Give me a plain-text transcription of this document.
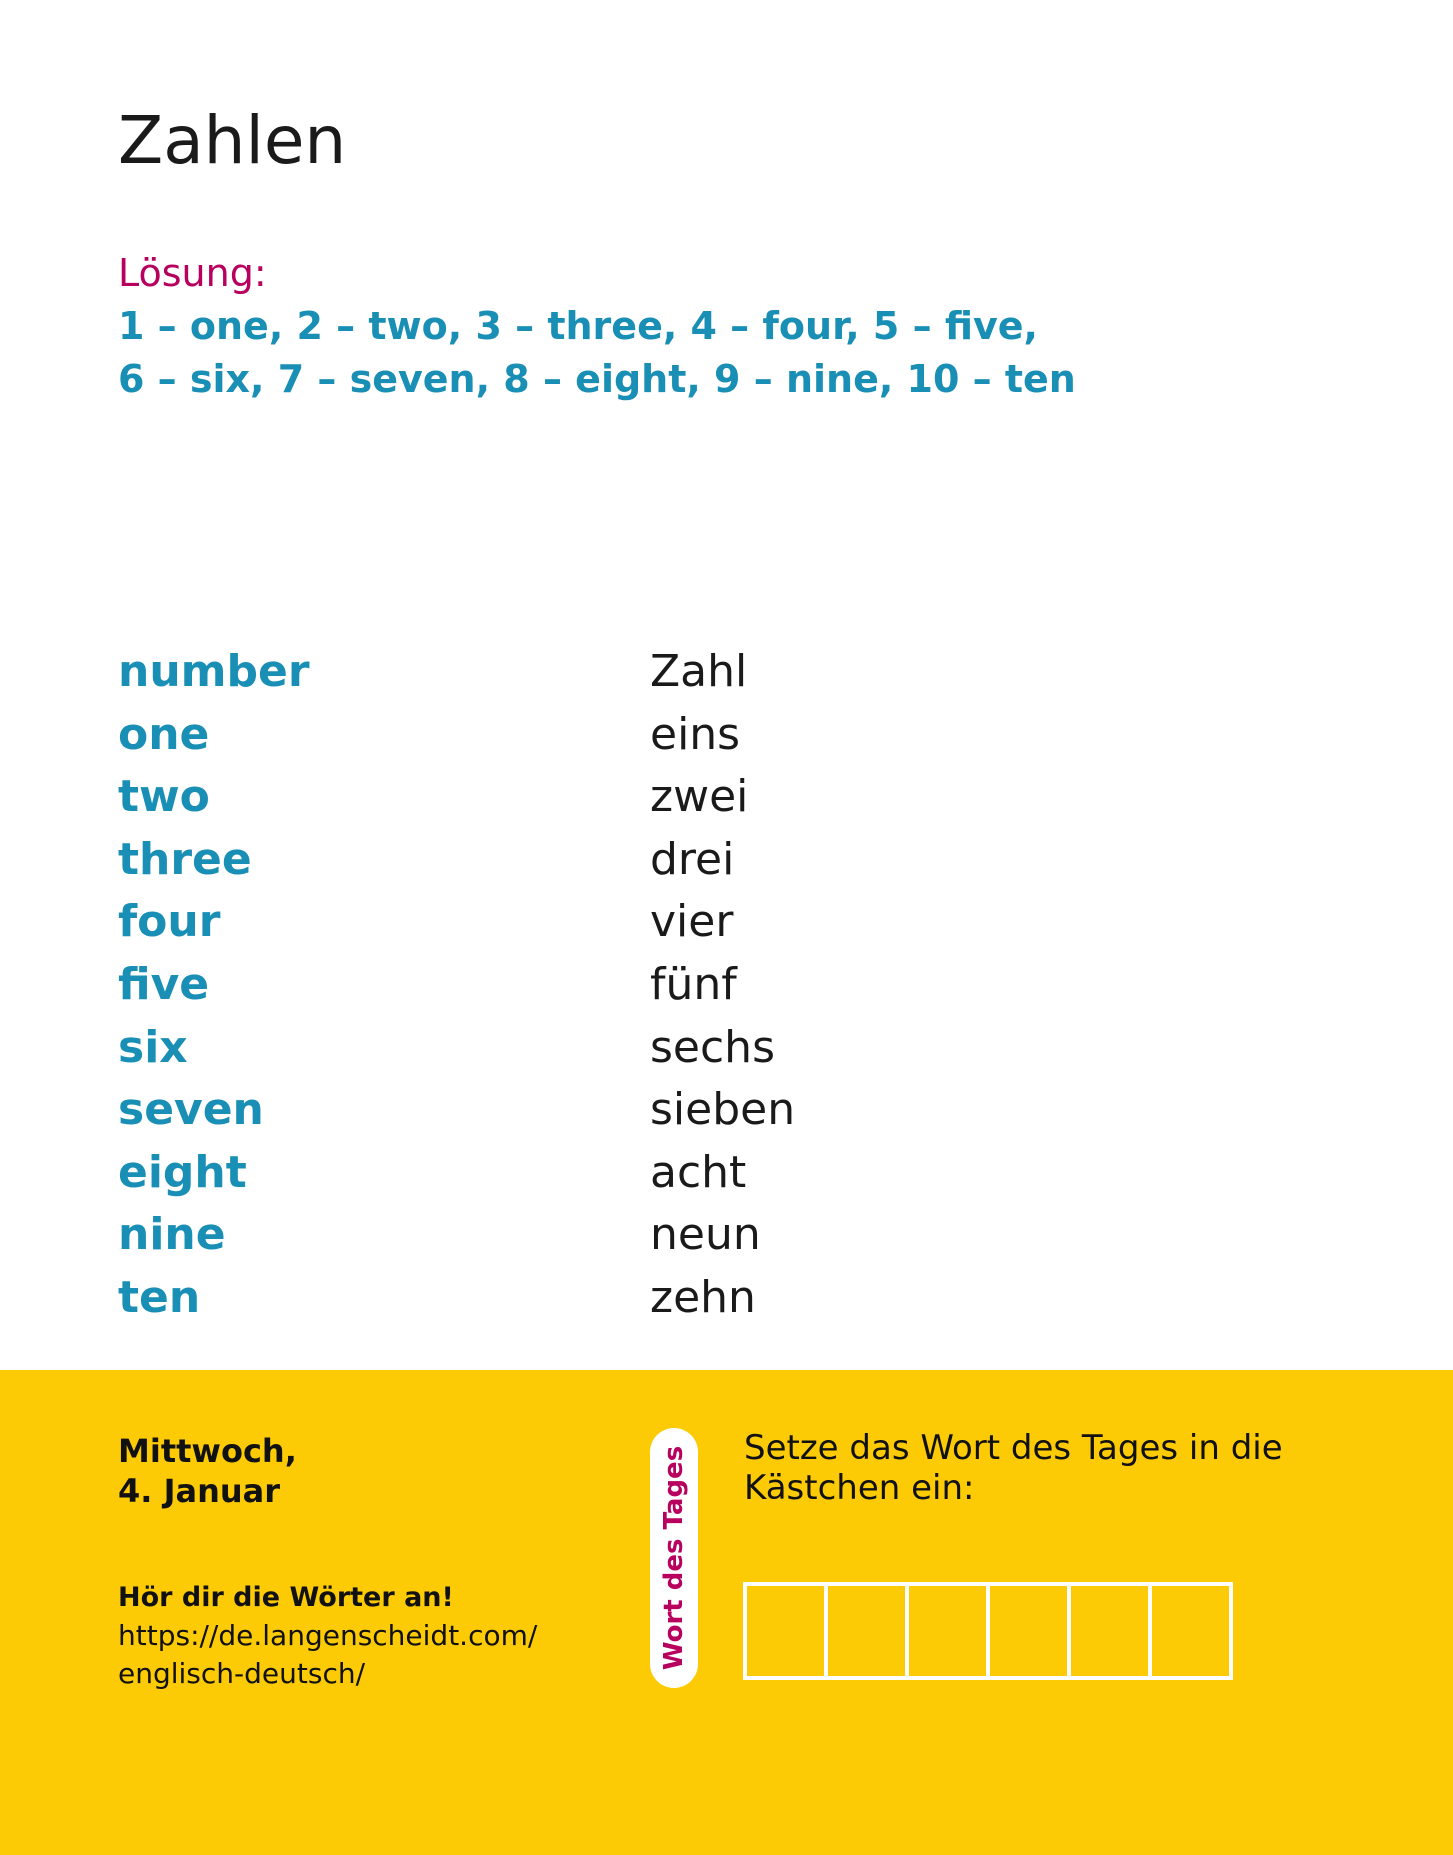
Zahlen
Lösung:
1 – one, 2 – two, 3 – three, 4 – four, 5 – five,
6 – six, 7 – seven, 8 – eight, 9 – nine, 10 – ten
number	Zahl
one	eins
two	zwei
three	drei
four	vier
five	fünf
six	sechs
seven	sieben
eight	acht
nine	neun
ten	zehn
Mittwoch,
4. Januar
Hör dir die Wörter an!
https://de.langenscheidt.com/
englisch-deutsch/
Wort des Tages Setze das Wort des Tages in die
Kästchen ein:
